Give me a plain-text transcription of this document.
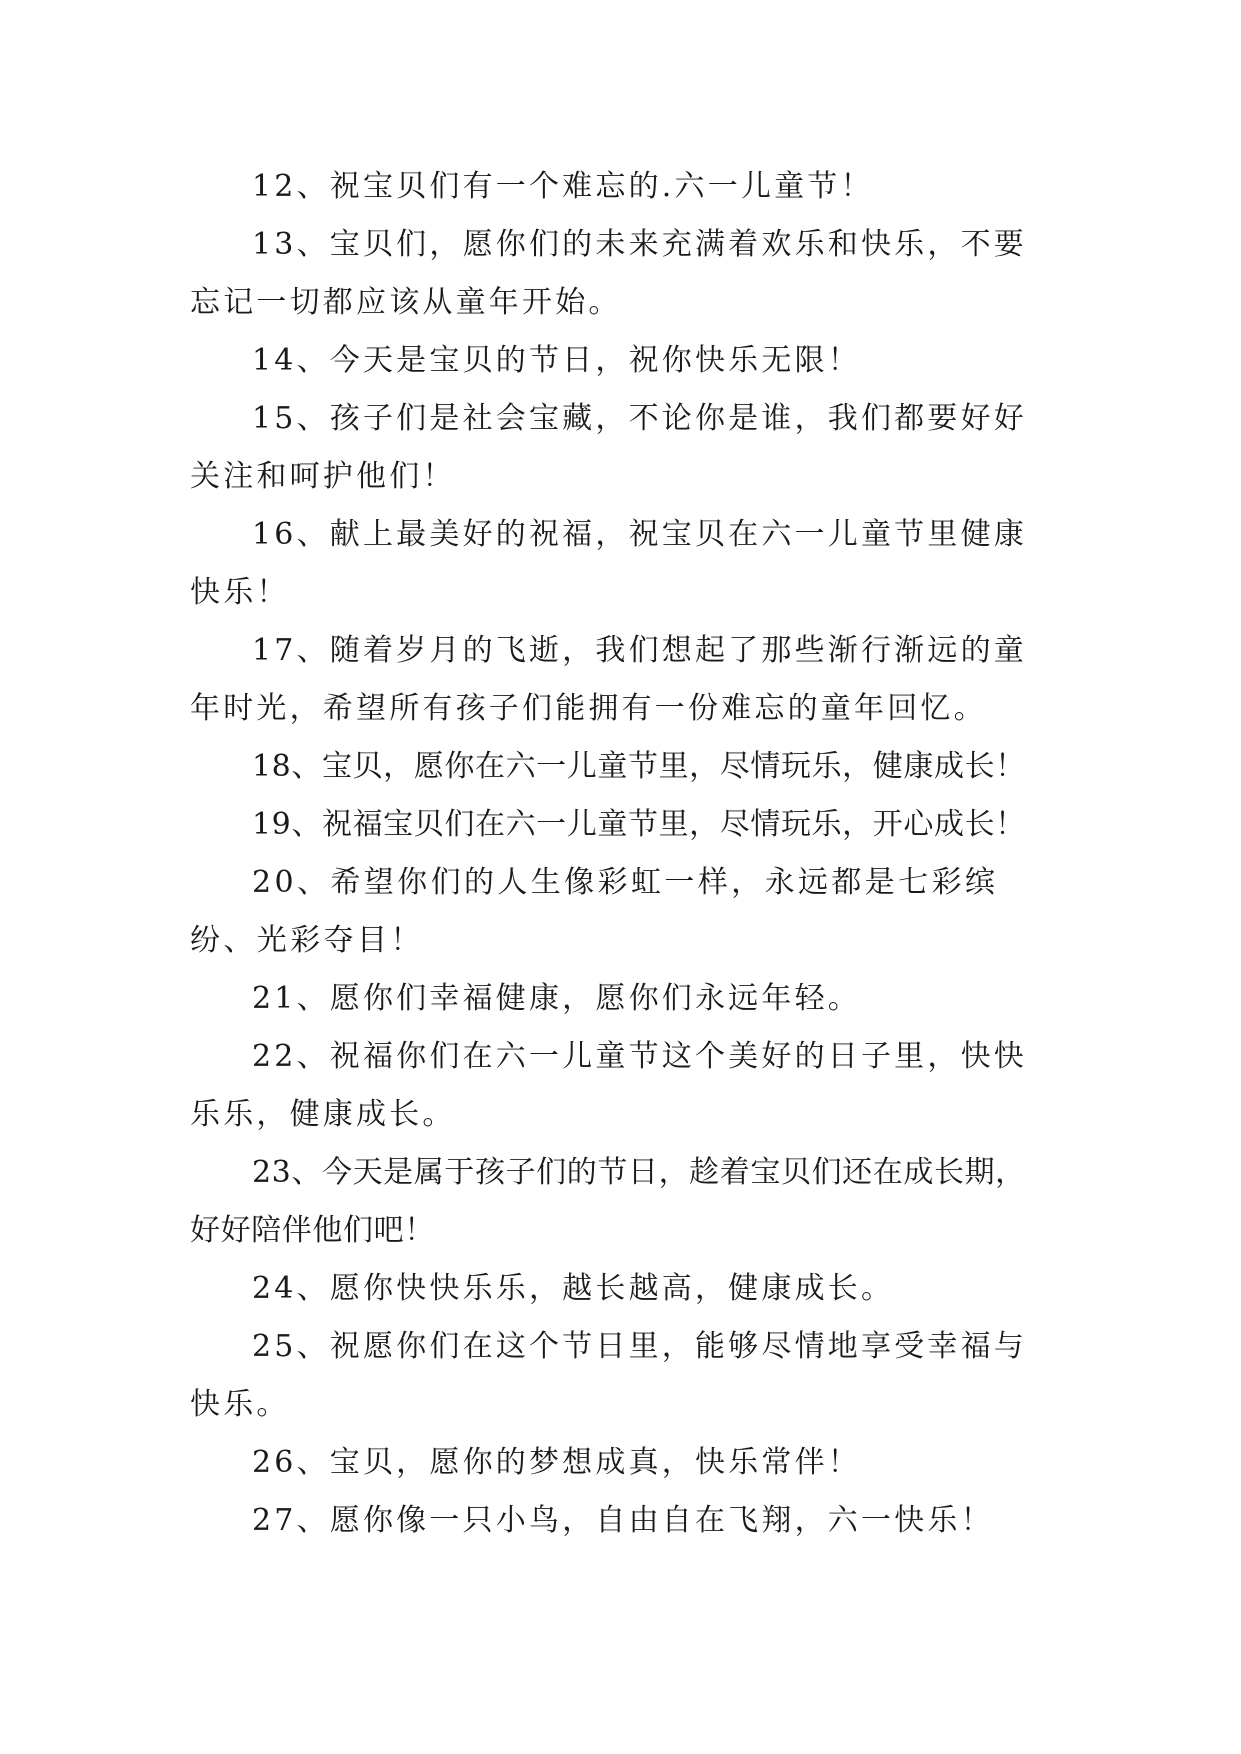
12、祝宝贝们有一个难忘的.六一儿童节！

13、宝贝们，愿你们的未来充满着欢乐和快乐，不要忘记一切都应该从童年开始。

14、今天是宝贝的节日，祝你快乐无限！

15、孩子们是社会宝藏，不论你是谁，我们都要好好关注和呵护他们！

16、献上最美好的祝福，祝宝贝在六一儿童节里健康快乐！

17、随着岁月的飞逝，我们想起了那些渐行渐远的童年时光，希望所有孩子们能拥有一份难忘的童年回忆。

18、宝贝，愿你在六一儿童节里，尽情玩乐，健康成长！

19、祝福宝贝们在六一儿童节里，尽情玩乐，开心成长！

20、希望你们的人生像彩虹一样，永远都是七彩缤纷、光彩夺目！

21、愿你们幸福健康，愿你们永远年轻。

22、祝福你们在六一儿童节这个美好的日子里，快快乐乐，健康成长。

23、今天是属于孩子们的节日，趁着宝贝们还在成长期，好好陪伴他们吧！

24、愿你快快乐乐，越长越高，健康成长。

25、祝愿你们在这个节日里，能够尽情地享受幸福与快乐。

26、宝贝，愿你的梦想成真，快乐常伴！

27、愿你像一只小鸟，自由自在飞翔，六一快乐！
